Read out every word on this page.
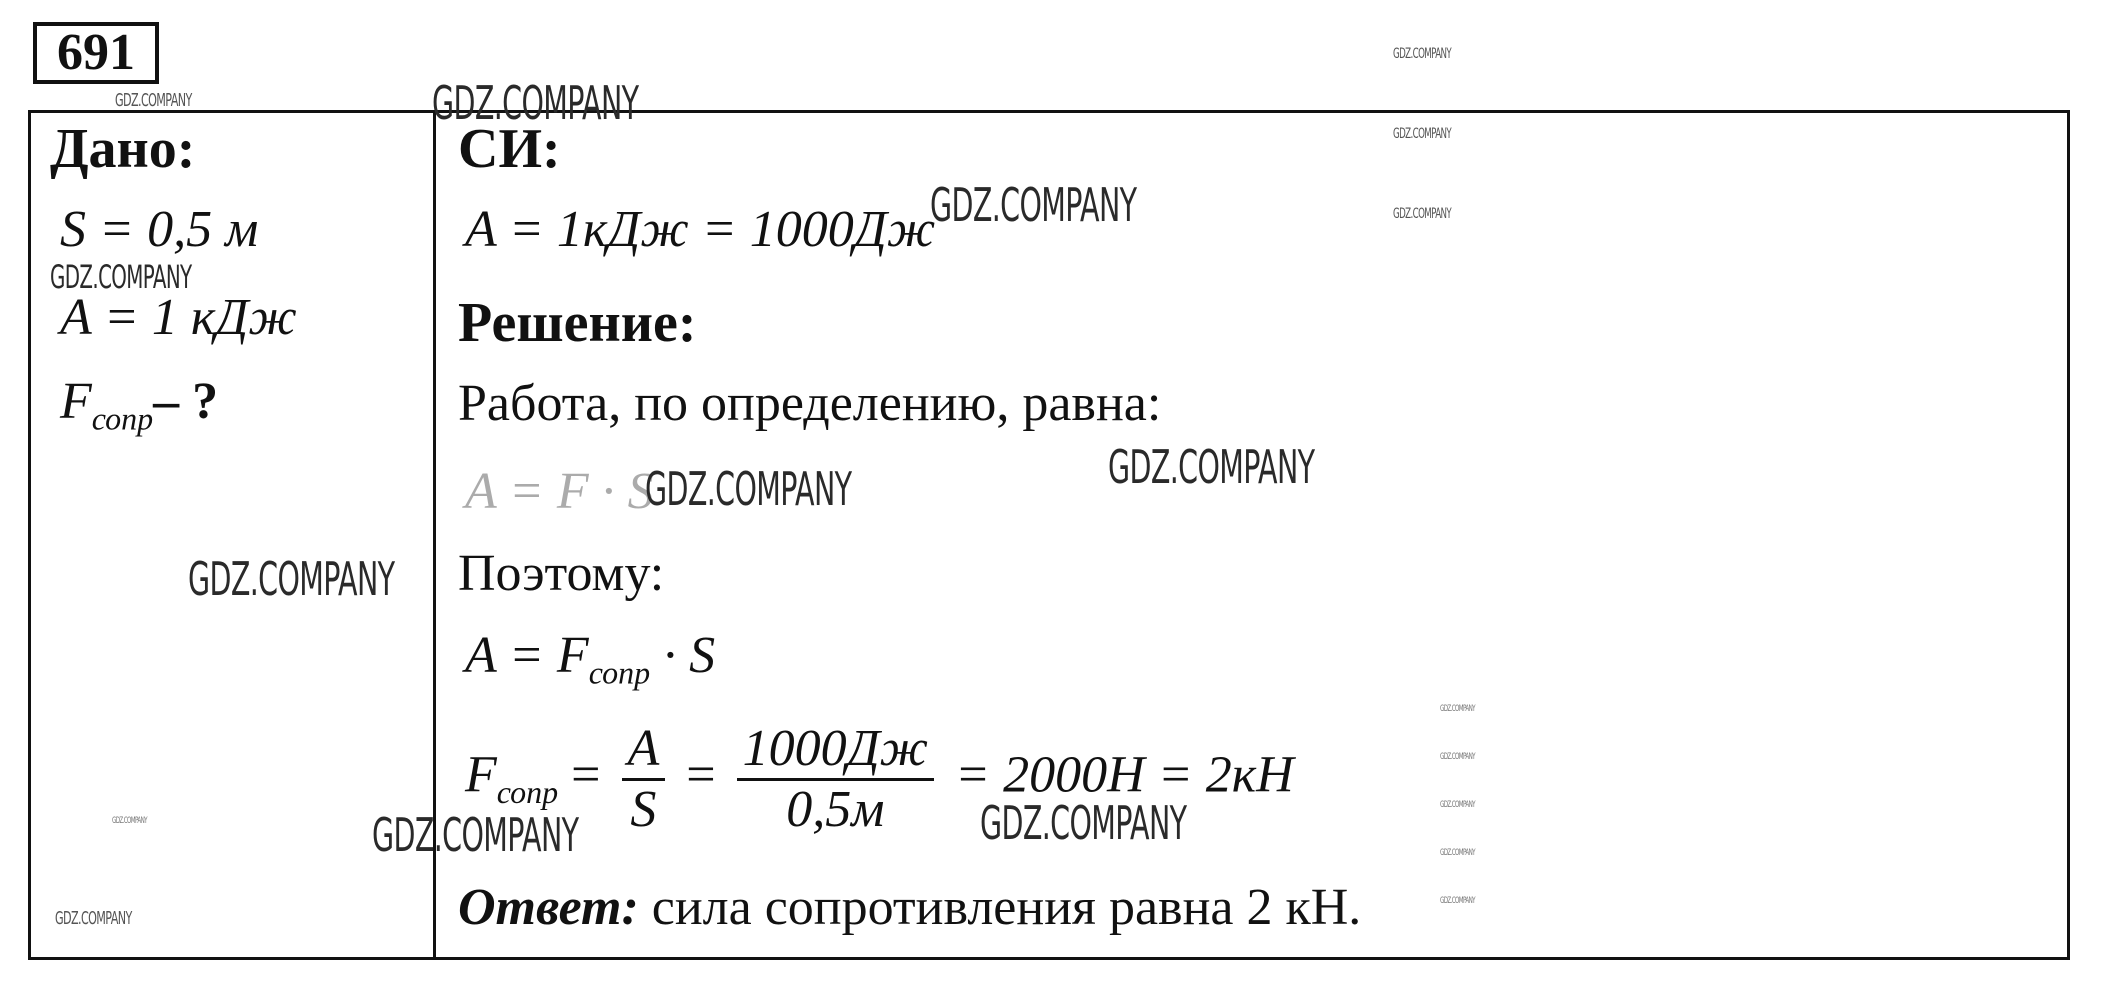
691
Дано:
S = 0,5 м
A = 1 кДж
$F_{сопр}-$ ?
СИ:
A = 1кДж = 1000Дж
Решение:
Работа, по определению, равна:
A = F · S
Поэтому:
$A = F_{сопр} \cdot S$
$F_{сопр} = \frac{A}{S} = \frac{1000Дж}{0,5м} = 2000H = 2кH$
Ответ: сила сопротивления равна 2 кН.
GDZ.COMPANY
GDZ.COMPANY
GDZ.COMPANY
GDZ.COMPANY
GDZ.COMPANY
GDZ.COMPANY	GDZ.COMPANY
GDZ.COMPANY
GDZ.COMPANY
GDZ.COMPANY
GDZ.COMPANY
GDZ.COMPANY
GDZ.COMPANY
GDZ.COMPANY
GDZ.COMPANY
GDZ.COMPANY
GDZ.COMPANY
GDZ.COMPANY
GDZ.COMPANY
